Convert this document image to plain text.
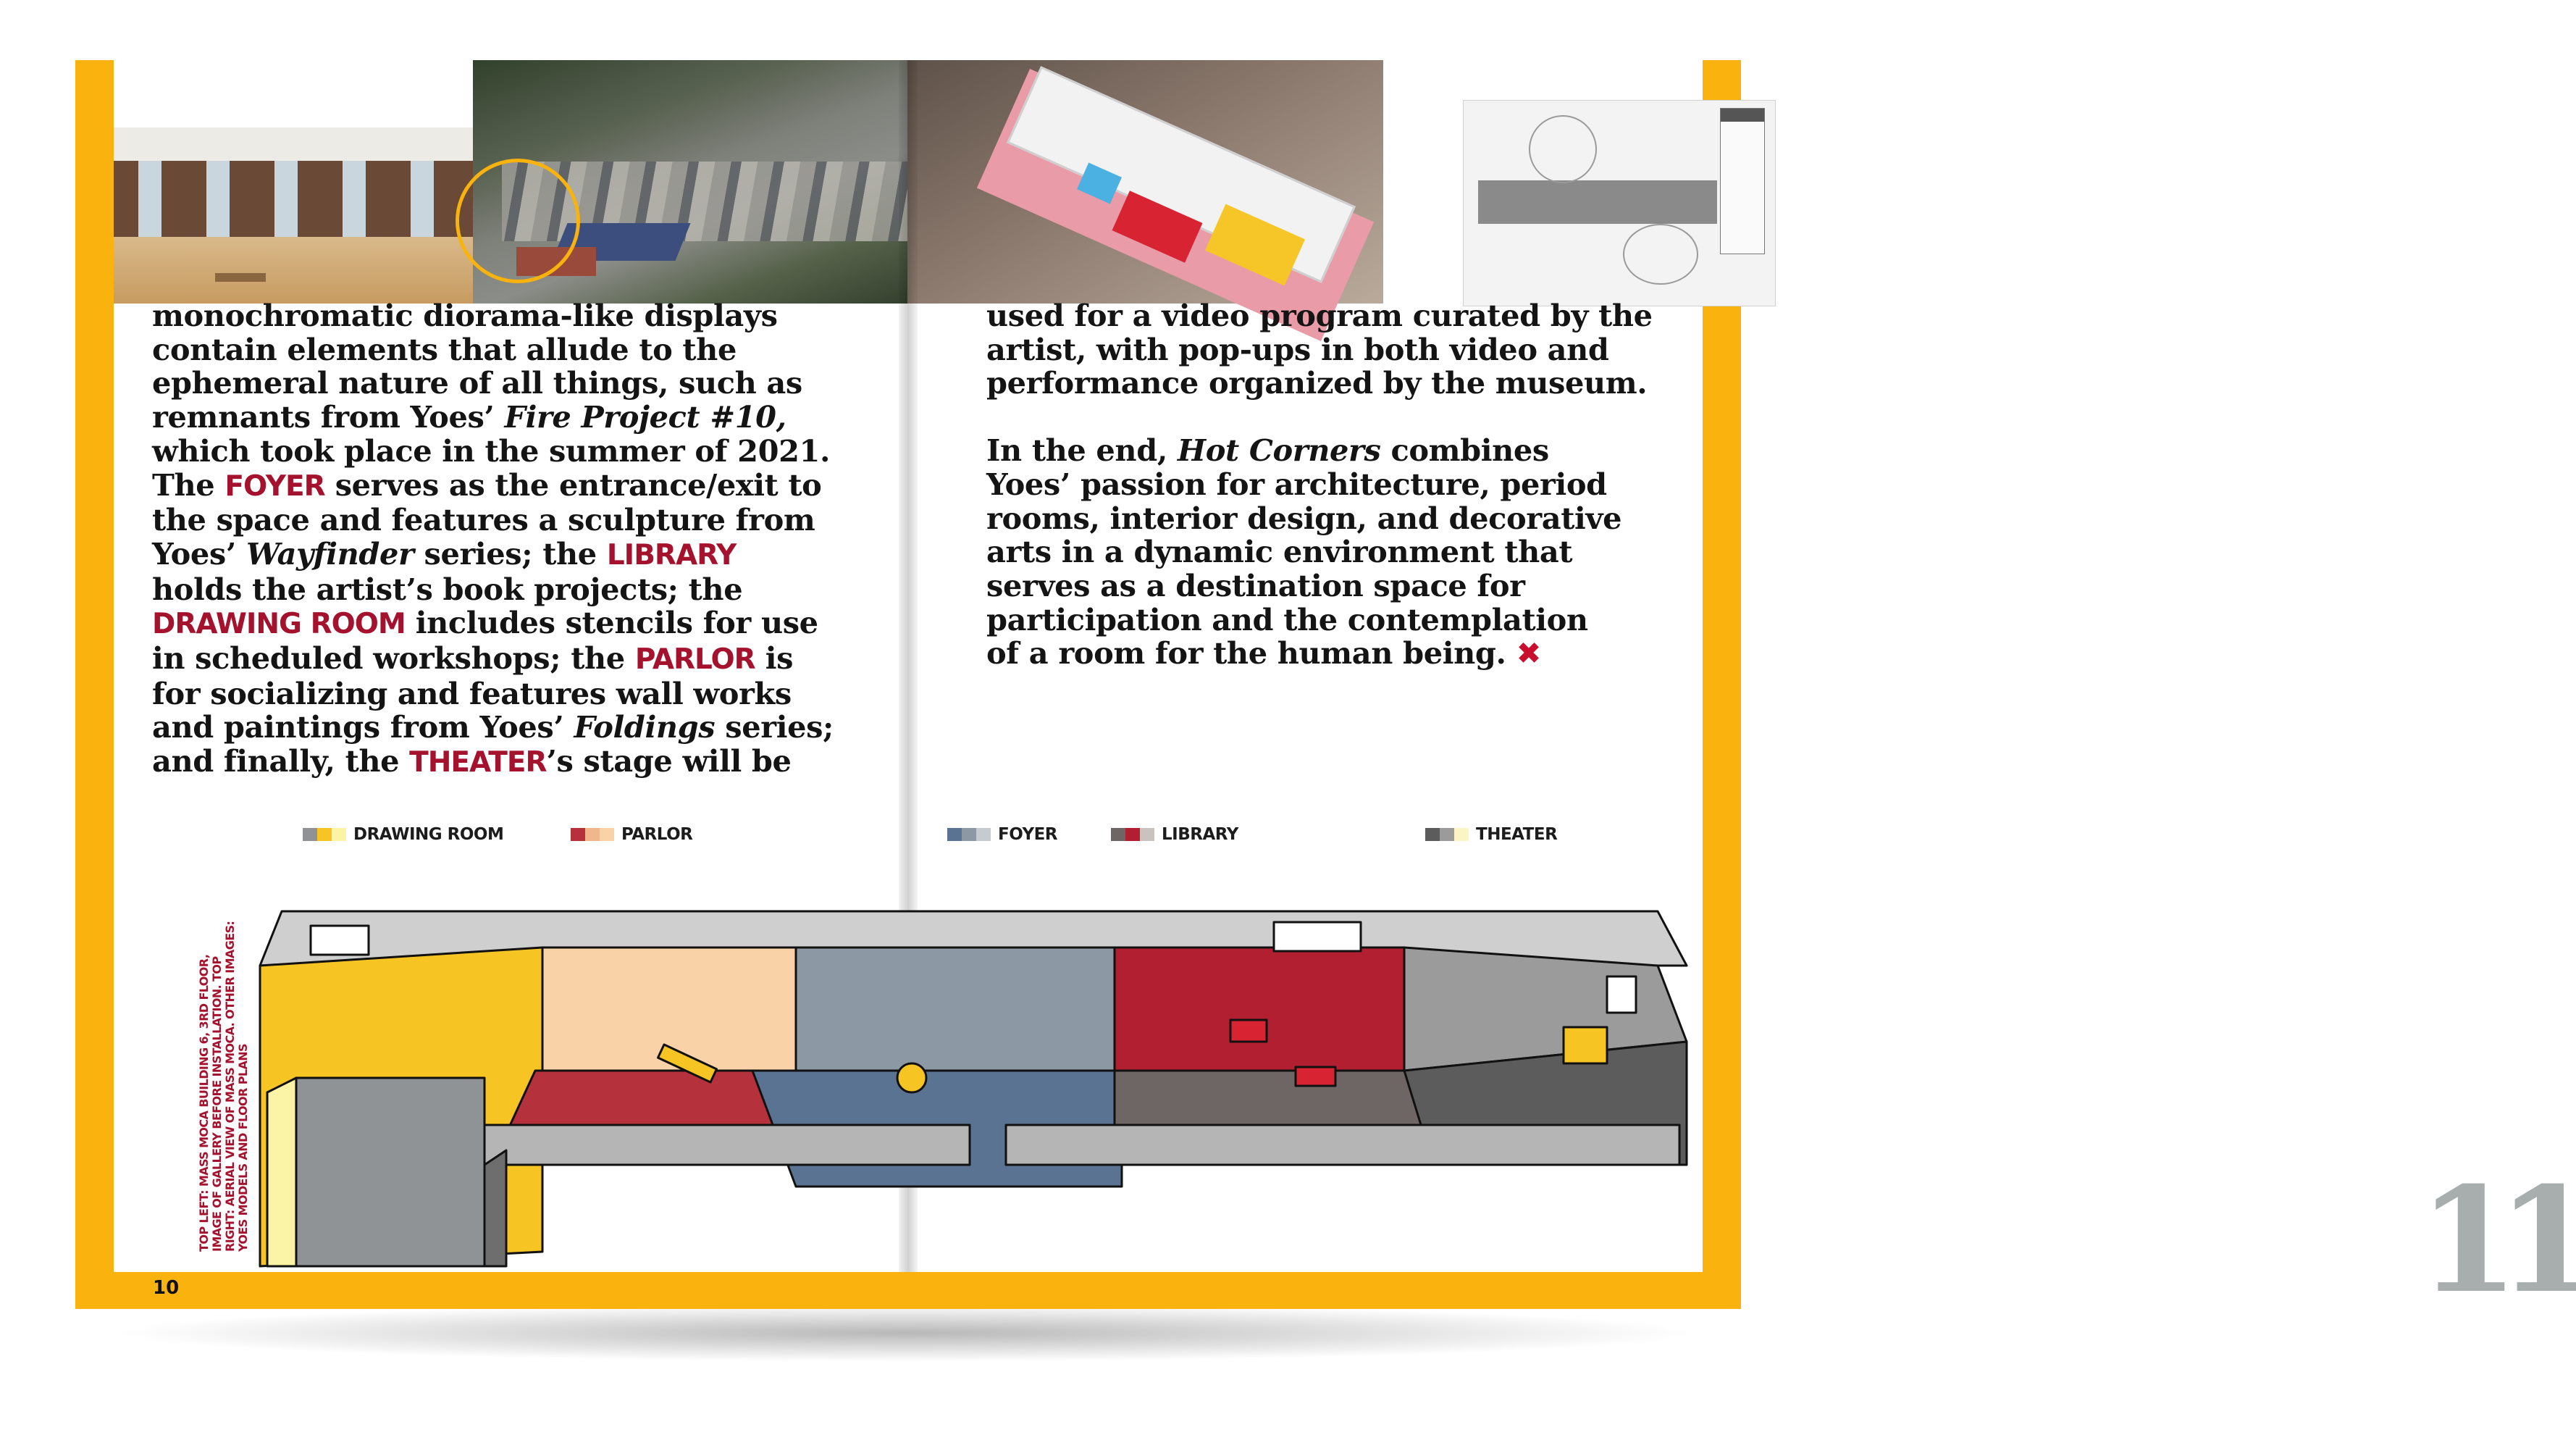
monochromatic diorama-like displays
contain elements that allude to the
ephemeral nature of all things, such as
remnants from Yoes’ Fire Project #10,
which took place in the summer of 2021.
The FOYER serves as the entrance/exit to
the space and features a sculpture from
Yoes’ Wayfinder series; the LIBRARY
holds the artist’s book projects; the
DRAWING ROOM includes stencils for use
in scheduled workshops; the PARLOR is
for socializing and features wall works
and paintings from Yoes’ Foldings series;
and finally, the THEATER’s stage will be
TOP LEFT: MASS MOCA BUILDING 6, 3RD FLOOR, IMAGE OF GALLERY BEFORE INSTALLATION. TOP RIGHT: AERIAL VIEW OF MASS MOCA. OTHER IMAGES: YOES MODELS AND FLOOR PLANS
10
used for a video program curated by the
artist, with pop-ups in both video and
performance organized by the museum.
In the end, Hot Corners combines
Yoes’ passion for architecture, period
rooms, interior design, and decorative
arts in a dynamic environment that
serves as a destination space for
participation and the contemplation
of a room for the human being. ✖
11
DRAWING ROOM	PARLOR	FOYER	LIBRARY	THEATER
